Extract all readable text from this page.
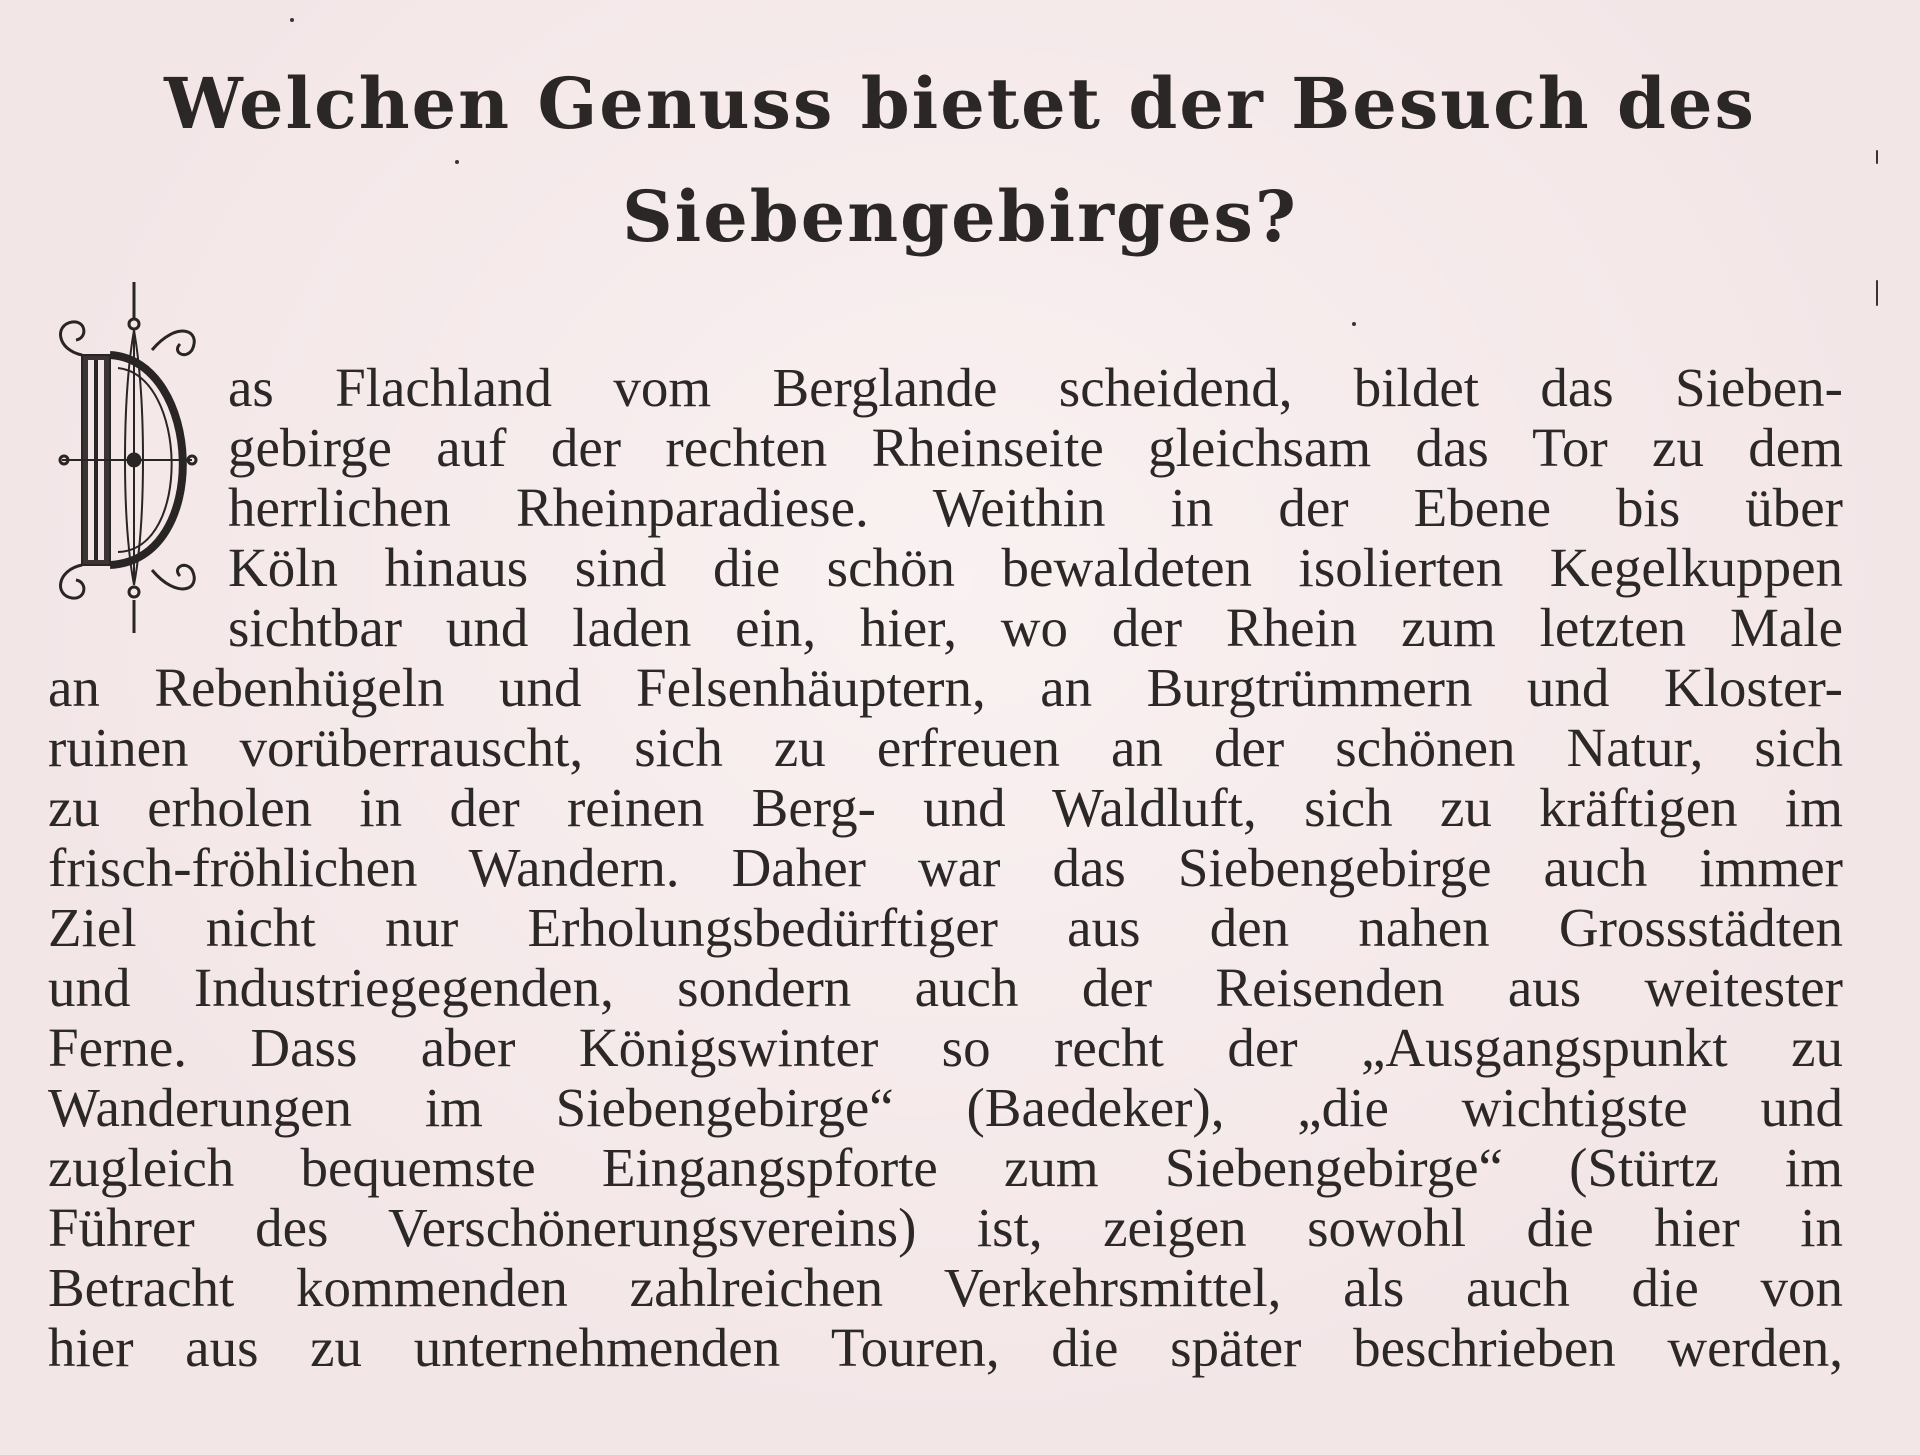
Welchen Genuss bietet der Besuch des
Siebengebirges?
as Flachland vom Berglande scheidend, bildet das Sieben-
gebirge auf der rechten Rheinseite gleichsam das Tor zu dem
herrlichen Rheinparadiese. Weithin in der Ebene bis über
Köln hinaus sind die schön bewaldeten isolierten Kegelkuppen
sichtbar und laden ein, hier, wo der Rhein zum letzten Male
an Rebenhügeln und Felsenhäuptern, an Burgtrümmern und Kloster-
ruinen vorüberrauscht, sich zu erfreuen an der schönen Natur, sich
zu erholen in der reinen Berg- und Waldluft, sich zu kräftigen im
frisch-fröhlichen Wandern. Daher war das Siebengebirge auch immer
Ziel nicht nur Erholungsbedürftiger aus den nahen Grossstädten
und Industriegegenden, sondern auch der Reisenden aus weitester
Ferne. Dass aber Königswinter so recht der „Ausgangspunkt zu
Wanderungen im Siebengebirge“ (Baedeker), „die wichtigste und
zugleich bequemste Eingangspforte zum Siebengebirge“ (Stürtz im
Führer des Verschönerungsvereins) ist, zeigen sowohl die hier in
Betracht kommenden zahlreichen Verkehrsmittel, als auch die von
hier aus zu unternehmenden Touren, die später beschrieben werden,
